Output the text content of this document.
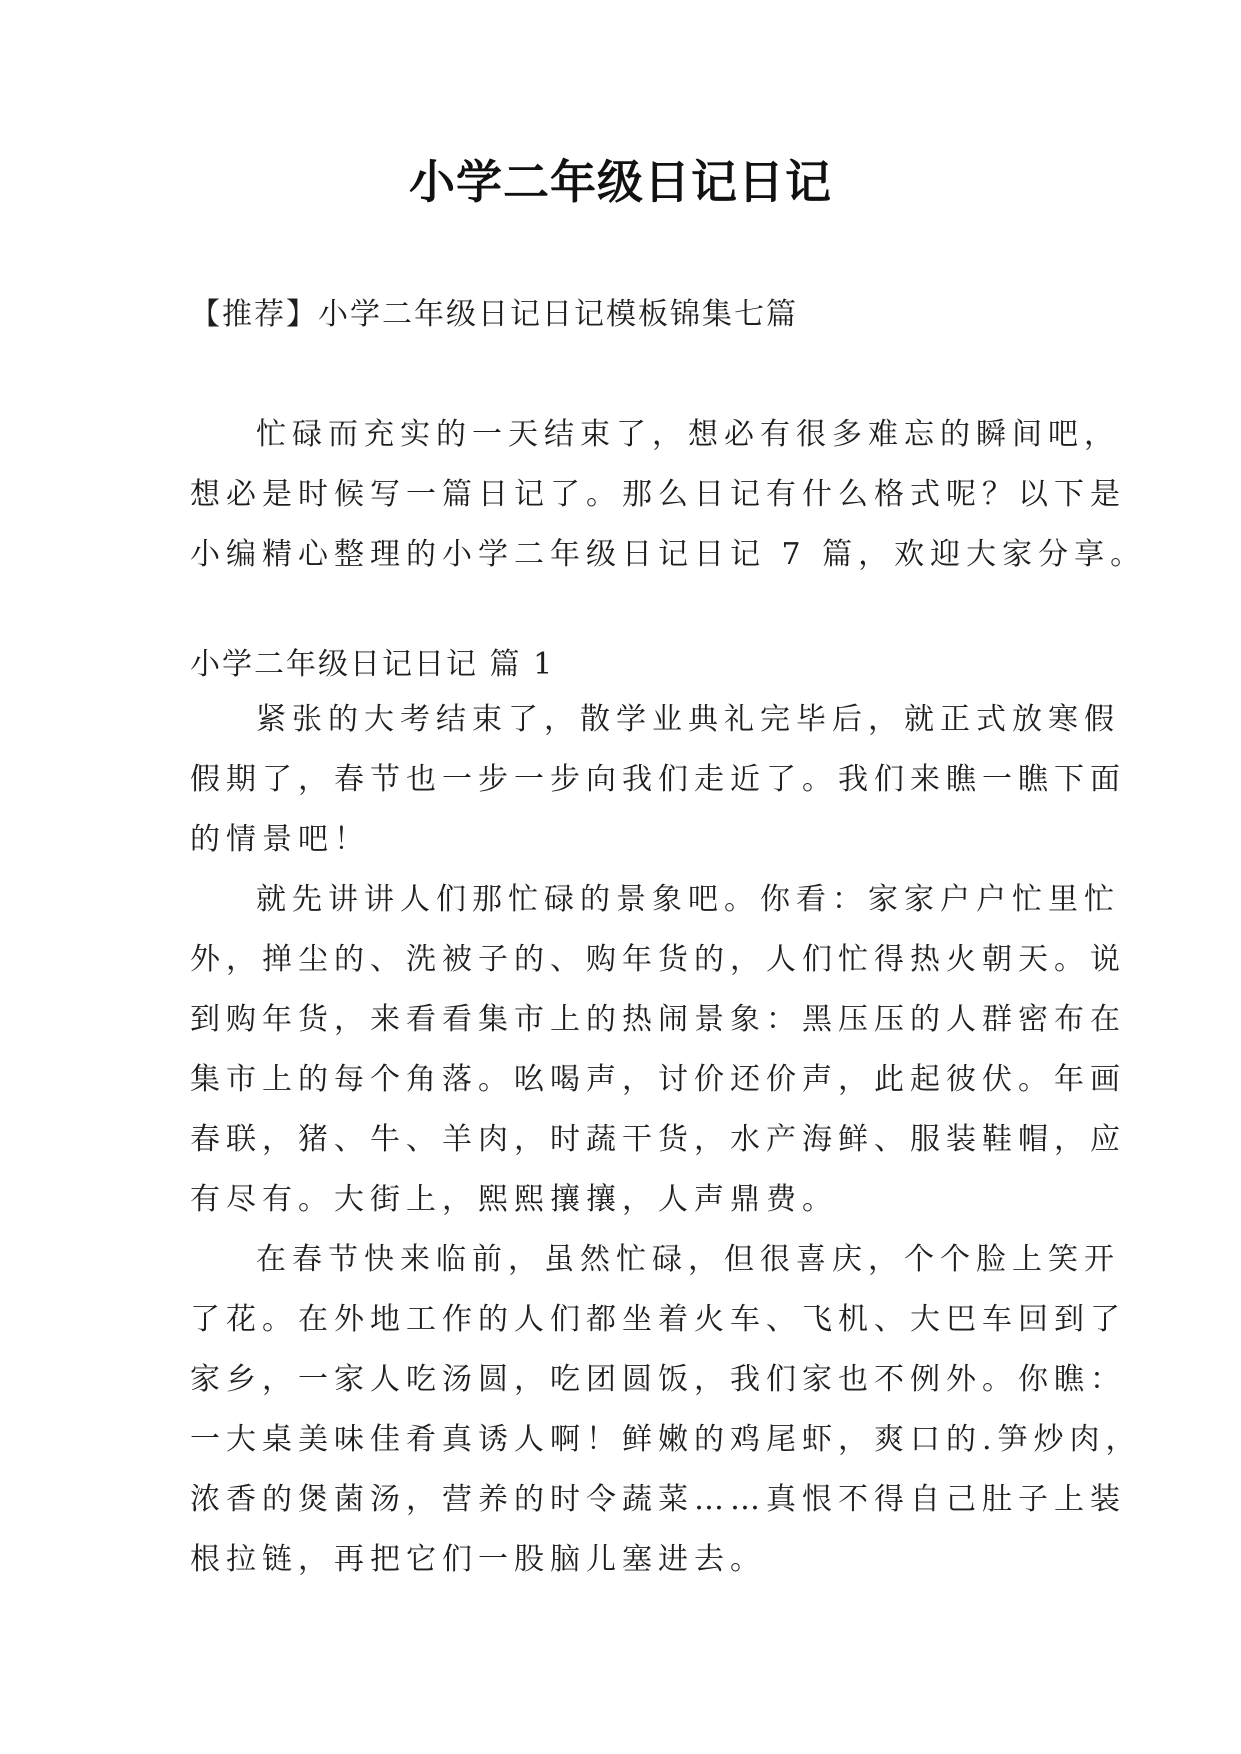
小学二年级日记日记
【推荐】小学二年级日记日记模板锦集七篇
忙碌而充实的一天结束了，想必有很多难忘的瞬间吧，
想必是时候写一篇日记了。那么日记有什么格式呢？以下是
小编精心整理的小学二年级日记日记 7 篇，欢迎大家分享。
小学二年级日记日记 篇 1
紧张的大考结束了，散学业典礼完毕后，就正式放寒假
假期了，春节也一步一步向我们走近了。我们来瞧一瞧下面
的情景吧！
就先讲讲人们那忙碌的景象吧。你看：家家户户忙里忙
外，掸尘的、洗被子的、购年货的，人们忙得热火朝天。说
到购年货，来看看集市上的热闹景象：黑压压的人群密布在
集市上的每个角落。吆喝声，讨价还价声，此起彼伏。年画
春联，猪、牛、羊肉，时蔬干货，水产海鲜、服装鞋帽，应
有尽有。大街上，熙熙攘攘，人声鼎费。
在春节快来临前，虽然忙碌，但很喜庆，个个脸上笑开
了花。在外地工作的人们都坐着火车、飞机、大巴车回到了
家乡，一家人吃汤圆，吃团圆饭，我们家也不例外。你瞧：
一大桌美味佳肴真诱人啊！鲜嫩的鸡尾虾，爽口的.笋炒肉，
浓香的煲菌汤，营养的时令蔬菜……真恨不得自己肚子上装
根拉链，再把它们一股脑儿塞进去。
